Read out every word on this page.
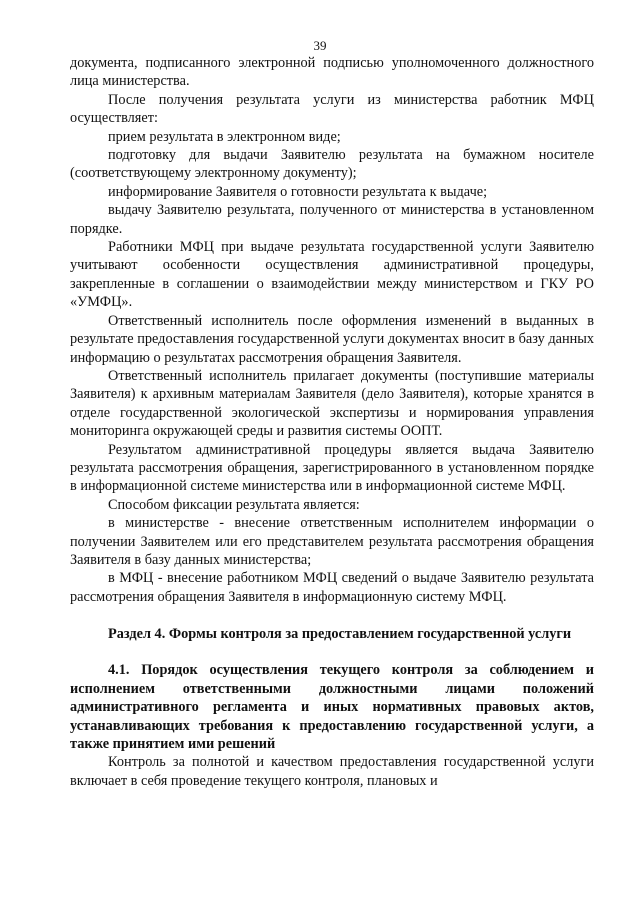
39

документа, подписанного электронной подписью уполномоченного должностного лица министерства.

После получения результата услуги из министерства работник МФЦ осуществляет:

прием результата в электронном виде;

подготовку для выдачи Заявителю результата на бумажном носителе (соответствующему электронному документу);

информирование Заявителя о готовности результата к выдаче;

выдачу Заявителю результата, полученного от министерства в установленном порядке.

Работники МФЦ при выдаче результата государственной услуги Заявителю учитывают особенности осуществления административной процедуры, закрепленные в соглашении о взаимодействии между министерством и ГКУ РО «УМФЦ».

Ответственный исполнитель после оформления изменений в выданных в результате предоставления государственной услуги документах вносит в базу данных информацию о результатах рассмотрения обращения Заявителя.

Ответственный исполнитель прилагает документы (поступившие материалы Заявителя) к архивным материалам Заявителя (дело Заявителя), которые хранятся в отделе государственной экологической экспертизы и нормирования управления мониторинга окружающей среды и развития системы ООПТ.

Результатом административной процедуры является выдача Заявителю результата рассмотрения обращения, зарегистрированного в установленном порядке в информационной системе министерства или в информационной системе МФЦ.

Способом фиксации результата является:

в министерстве - внесение ответственным исполнителем информации о получении Заявителем или его представителем результата рассмотрения обращения Заявителя в базу данных министерства;

в МФЦ - внесение работником МФЦ сведений о выдаче Заявителю результата рассмотрения обращения Заявителя в информационную систему МФЦ.

Раздел 4. Формы контроля за предоставлением государственной услуги

4.1. Порядок осуществления текущего контроля за соблюдением и исполнением ответственными должностными лицами положений административного регламента и иных нормативных правовых актов, устанавливающих требования к предоставлению государственной услуги, а также принятием ими решений

Контроль за полнотой и качеством предоставления государственной услуги включает в себя проведение текущего контроля, плановых и
